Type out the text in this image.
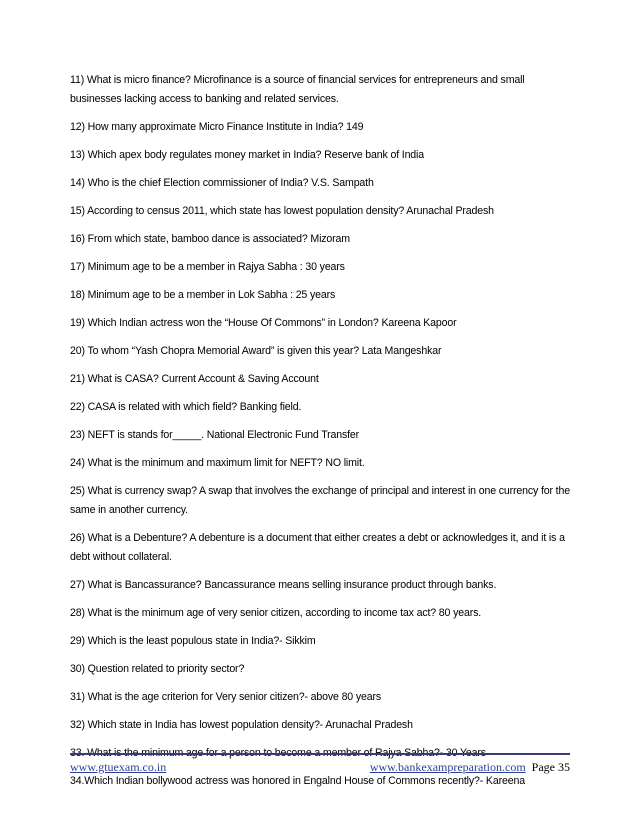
11) What is micro finance? Microfinance is a source of financial services for entrepreneurs and small businesses lacking access to banking and related services.

12) How many approximate Micro Finance Institute in India? 149

13) Which apex body regulates money market in India? Reserve bank of India

14) Who is the chief Election commissioner of India? V.S. Sampath

15) According to census 2011, which state has lowest population density? Arunachal Pradesh

16) From which state, bamboo dance is associated? Mizoram

17) Minimum age to be a member in Rajya Sabha : 30 years

18) Minimum age to be a member in Lok Sabha : 25 years

19) Which Indian actress won the “House Of Commons” in London? Kareena Kapoor

20) To whom “Yash Chopra Memorial Award” is given this year? Lata Mangeshkar

21) What is CASA? Current Account & Saving Account

22) CASA is related with which field? Banking field.

23) NEFT is stands for_____. National Electronic Fund Transfer

24) What is the minimum and maximum limit for NEFT? NO limit.

25) What is currency swap? A swap that involves the exchange of principal and interest in one currency for the same in another currency.

26) What is a Debenture? A debenture is a document that either creates a debt or acknowledges it, and it is a debt without collateral.

27) What is Bancassurance? Bancassurance means selling insurance product through banks.

28) What is the minimum age of very senior citizen, according to income tax act? 80 years.

29) Which is the least populous state in India?- Sikkim

30) Question related to priority sector?

31) What is the age criterion for Very senior citizen?- above 80 years

32) Which state in India has lowest population density?- Arunachal Pradesh

33. What is the minimum age for a person to become a member of Rajya Sabha?- 30 Years

34.Which Indian bollywood actress was honored in Engalnd House of Commons recently?- Kareena

www.gtuexam.co.in	www.bankexampreparation.com Page 35
